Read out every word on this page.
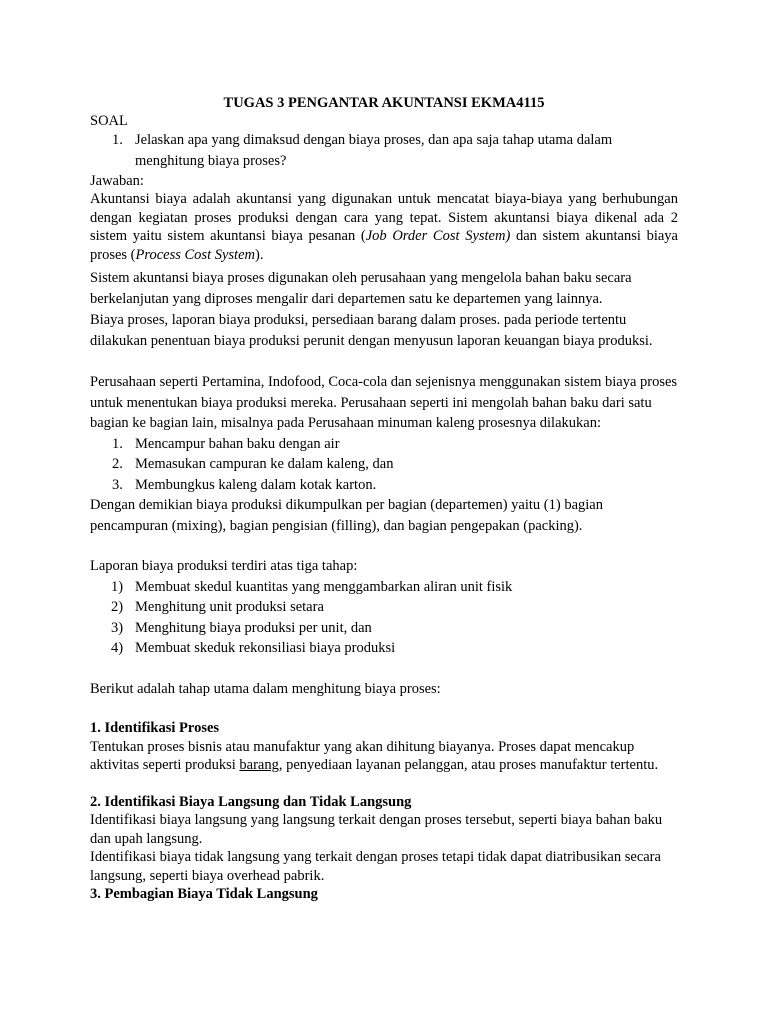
TUGAS 3 PENGANTAR AKUNTANSI EKMA4115

SOAL

1. Jelaskan apa yang dimaksud dengan biaya proses, dan apa saja tahap utama dalam menghitung biaya proses?

Jawaban:

Akuntansi biaya adalah akuntansi yang digunakan untuk mencatat biaya-biaya yang berhubungan dengan kegiatan proses produksi dengan cara yang tepat. Sistem akuntansi biaya dikenal ada 2 sistem yaitu sistem akuntansi biaya pesanan (Job Order Cost System) dan sistem akuntansi biaya proses (Process Cost System).

Sistem akuntansi biaya proses digunakan oleh perusahaan yang mengelola bahan baku secara berkelanjutan yang diproses mengalir dari departemen satu ke departemen yang lainnya.

Biaya proses, laporan biaya produksi, persediaan barang dalam proses. pada periode tertentu dilakukan penentuan biaya produksi perunit dengan menyusun laporan keuangan biaya produksi.

Perusahaan seperti Pertamina, Indofood, Coca-cola dan sejenisnya menggunakan sistem biaya proses untuk menentukan biaya produksi mereka. Perusahaan seperti ini mengolah bahan baku dari satu bagian ke bagian lain, misalnya pada Perusahaan minuman kaleng prosesnya dilakukan:

1. Mencampur bahan baku dengan air
2. Memasukan campuran ke dalam kaleng, dan
3. Membungkus kaleng dalam kotak karton.

Dengan demikian biaya produksi dikumpulkan per bagian (departemen) yaitu (1) bagian pencampuran (mixing), bagian pengisian (filling), dan bagian pengepakan (packing).

Laporan biaya produksi terdiri atas tiga tahap:

1) Membuat skedul kuantitas yang menggambarkan aliran unit fisik
2) Menghitung unit produksi setara
3) Menghitung biaya produksi per unit, dan
4) Membuat skeduk rekonsiliasi biaya produksi

Berikut adalah tahap utama dalam menghitung biaya proses:

1. Identifikasi Proses

Tentukan proses bisnis atau manufaktur yang akan dihitung biayanya. Proses dapat mencakup aktivitas seperti produksi barang, penyediaan layanan pelanggan, atau proses manufaktur tertentu.

2. Identifikasi Biaya Langsung dan Tidak Langsung

Identifikasi biaya langsung yang langsung terkait dengan proses tersebut, seperti biaya bahan baku dan upah langsung.

Identifikasi biaya tidak langsung yang terkait dengan proses tetapi tidak dapat diatribusikan secara langsung, seperti biaya overhead pabrik.

3. Pembagian Biaya Tidak Langsung
